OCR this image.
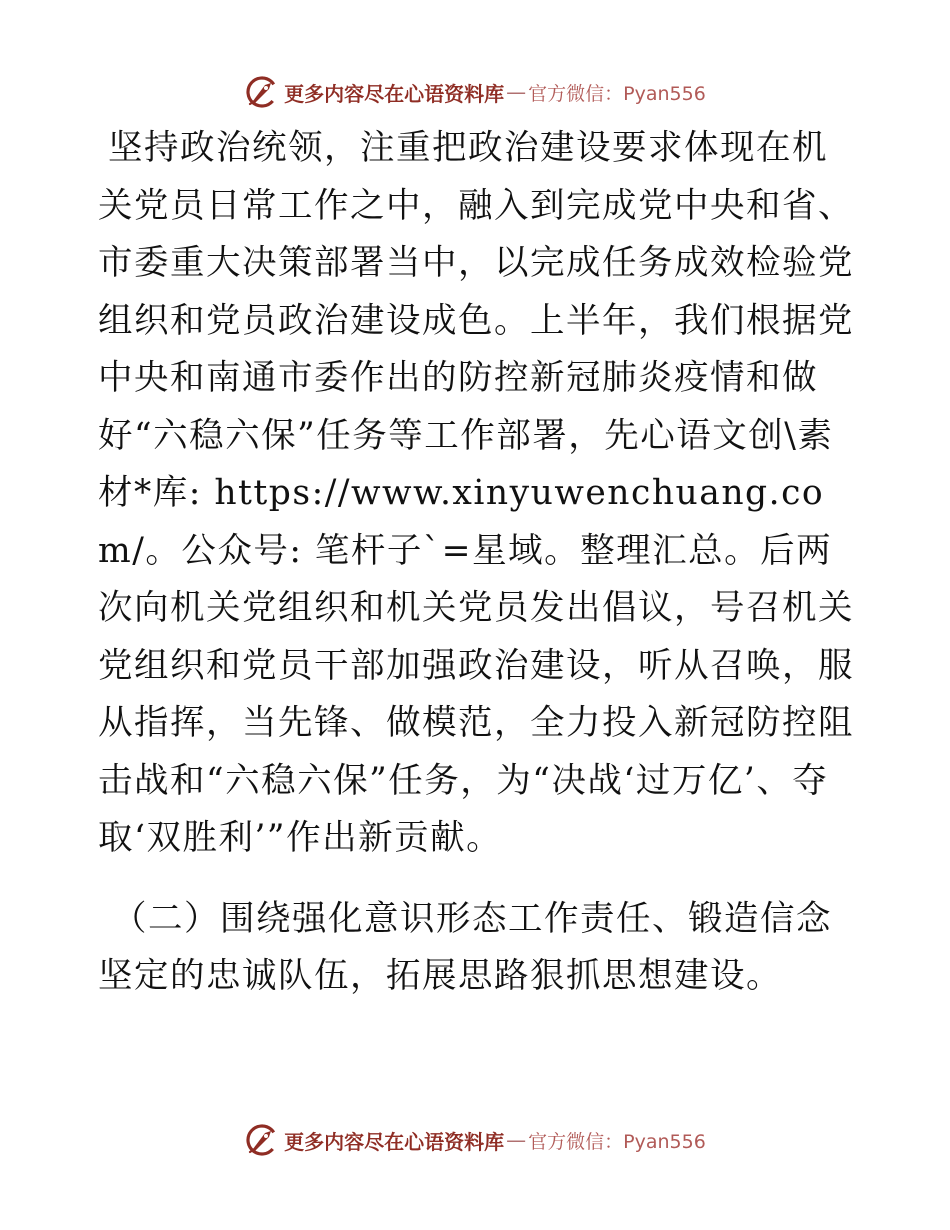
更多内容尽在心语资料库 — 官方微信：Pyan556

坚持政治统领，注重把政治建设要求体现在机关党员日常工作之中，融入到完成党中央和省、市委重大决策部署当中，以完成任务成效检验党组织和党员政治建设成色。上半年，我们根据党中央和南通市委作出的防控新冠肺炎疫情和做好“六稳六保”任务等工作部署，先心语文创\素材*库: https://www.xinyuwenchuang.com/。公众号: 笔杆子`=星域。整理汇总。后两次向机关党组织和机关党员发出倡议，号召机关党组织和党员干部加强政治建设，听从召唤，服从指挥，当先锋、做模范，全力投入新冠防控阻击战和“六稳六保”任务，为“决战‘过万亿’、夺取‘双胜利’”作出新贡献。

（二）围绕强化意识形态工作责任、锻造信念坚定的忠诚队伍，拓展思路狠抓思想建设。

更多内容尽在心语资料库 — 官方微信：Pyan556
